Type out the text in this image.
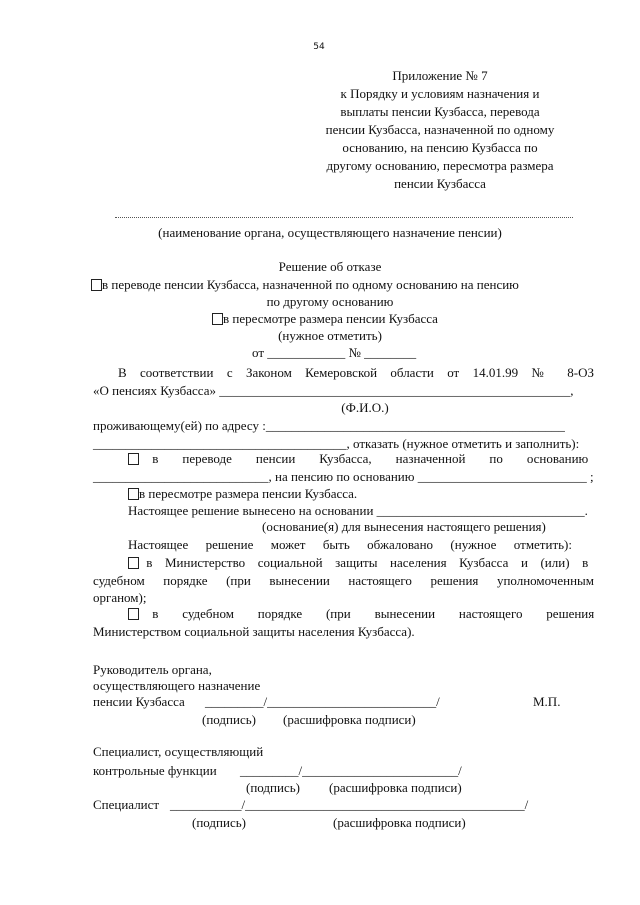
54
Приложение № 7
к Порядку и условиям назначения и
выплаты пенсии Кузбасса, перевода
пенсии Кузбасса, назначенной по одному
основанию, на пенсию Кузбасса по
другому основанию, пересмотра размера
пенсии Кузбасса
(наименование органа, осуществляющего назначение пенсии)
Решение об отказе
в переводе пенсии Кузбасса, назначенной по одному основанию на пенсию
по другому основанию
в пересмотре размера пенсии Кузбасса
(нужное отметить)
от ____________ № ________
В соответствии с Законом Кемеровской области от 14.01.99 № 8-ОЗ
«О пенсиях Кузбасса» ______________________________________________________,
(Ф.И.О.)
проживающему(ей) по адресу :______________________________________________
_______________________________________, отказать (нужное отметить и заполнить):
в переводе пенсии Кузбасса, назначенной по основанию
___________________________, на пенсию по основанию __________________________ ;
в пересмотре размера пенсии Кузбасса.
Настоящее решение вынесено на основании ________________________________.
(основание(я) для вынесения настоящего решения)
Настоящее решение может быть обжаловано (нужное отметить):
в Министерство социальной защиты населения Кузбасса и (или) в
судебном порядке (при вынесении настоящего решения уполномоченным
органом);
в судебном порядке (при вынесении настоящего решения
Министерством социальной защиты населения Кузбасса).
Руководитель органа,
осуществляющего назначение
пенсии Кузбасса _________/__________________________/	М.П.
(подпись) (расшифровка подписи)
Специалист, осуществляющий
контрольные функции _________/________________________/
(подпись) (расшифровка подписи)
Специалист ___________/___________________________________________/
(подпись)	(расшифровка подписи)
